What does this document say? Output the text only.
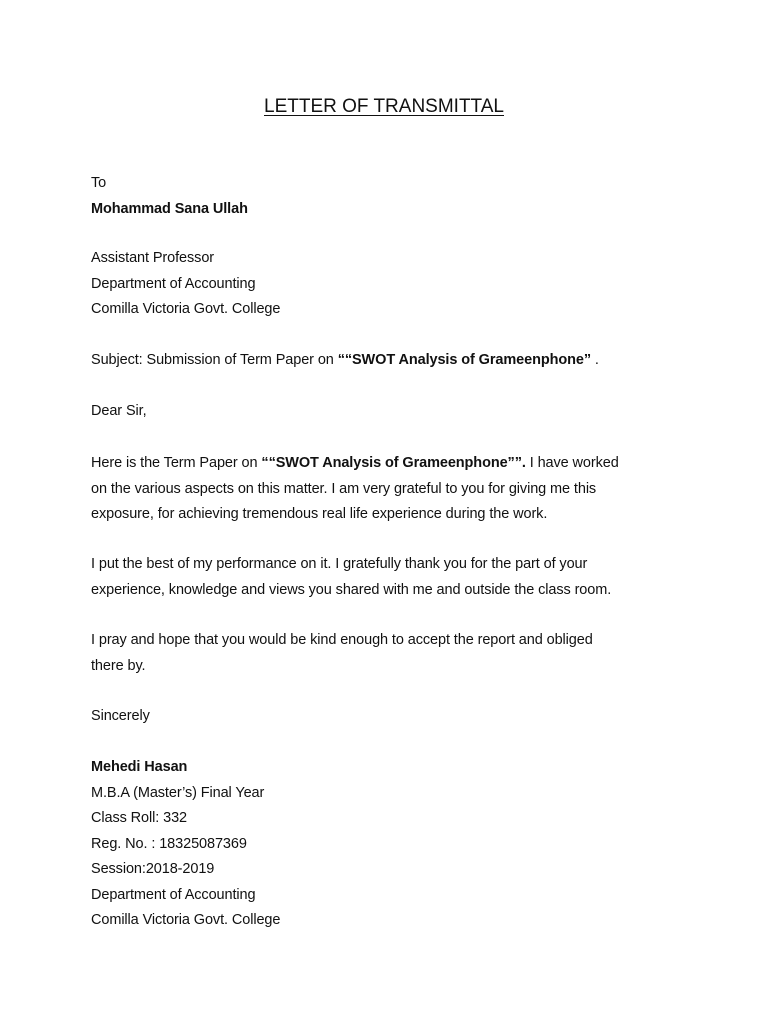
LETTER OF TRANSMITTAL
To
Mohammad Sana Ullah
Assistant Professor
Department of Accounting
Comilla Victoria Govt. College
Subject: Submission of Term Paper on ““SWOT Analysis of Grameenphone” .
Dear Sir,
Here is the Term Paper on ““SWOT Analysis of Grameenphone””. I have worked
on the various aspects on this matter. I am very grateful to you for giving me this
exposure, for achieving tremendous real life experience during the work.
I put the best of my performance on it. I gratefully thank you for the part of your
experience, knowledge and views you shared with me and outside the class room.
I pray and hope that you would be kind enough to accept the report and obliged
there by.
Sincerely
Mehedi Hasan
M.B.A (Master’s) Final Year
Class Roll: 332
Reg. No. : 18325087369
Session:2018-2019
Department of Accounting
Comilla Victoria Govt. College
